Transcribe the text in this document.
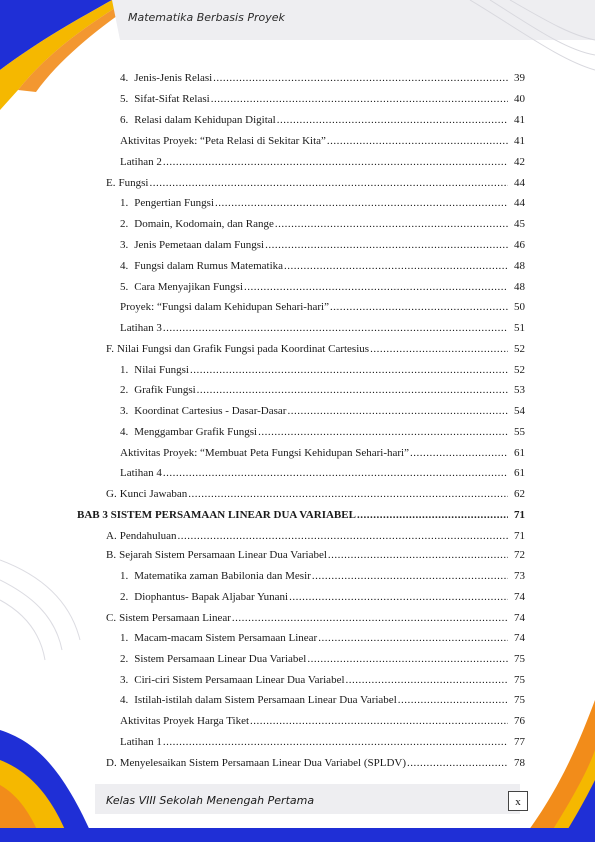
Matematika Berbasis Proyek
4. Jenis-Jenis Relasi .....	39
5. Sifat-Sifat Relasi .....	40
6. Relasi dalam Kehidupan Digital .....	41
Aktivitas Proyek: “Peta Relasi di Sekitar Kita” .....	41
Latihan 2 .....	42
E. Fungsi .....	44
1. Pengertian Fungsi .....	44
2. Domain, Kodomain, dan Range .....	45
3. Jenis Pemetaan dalam Fungsi .....	46
4. Fungsi dalam Rumus Matematika .....	48
5. Cara Menyajikan Fungsi .....	48
Proyek: “Fungsi dalam Kehidupan Sehari-hari” .....	50
Latihan 3 .....	51
F. Nilai Fungsi dan Grafik Fungsi pada Koordinat Cartesius .....	52
1. Nilai Fungsi .....	52
2. Grafik Fungsi .....	53
3. Koordinat Cartesius - Dasar-Dasar .....	54
4. Menggambar Grafik Fungsi .....	55
Aktivitas Proyek: “Membuat Peta Fungsi Kehidupan Sehari-hari” .....	61
Latihan 4 .....	61
G. Kunci Jawaban .....	62
BAB 3 SISTEM PERSAMAAN LINEAR DUA VARIABEL .....	71
A. Pendahuluan .....	71
B. Sejarah Sistem Persamaan Linear Dua Variabel .....	72
1. Matematika zaman Babilonia dan Mesir .....	73
2. Diophantus- Bapak Aljabar Yunani .....	74
C. Sistem Persamaan Linear .....	74
1. Macam-macam Sistem Persamaan Linear .....	74
2. Sistem Persamaan Linear Dua Variabel .....	75
3. Ciri-ciri Sistem Persamaan Linear Dua Variabel .....	75
4. Istilah-istilah dalam Sistem Persamaan Linear Dua Variabel .....	75
Aktivitas Proyek Harga Tiket .....	76
Latihan 1 .....	77
D. Menyelesaikan Sistem Persamaan Linear Dua Variabel (SPLDV) .....	78
Kelas VIII Sekolah Menengah Pertama	x
